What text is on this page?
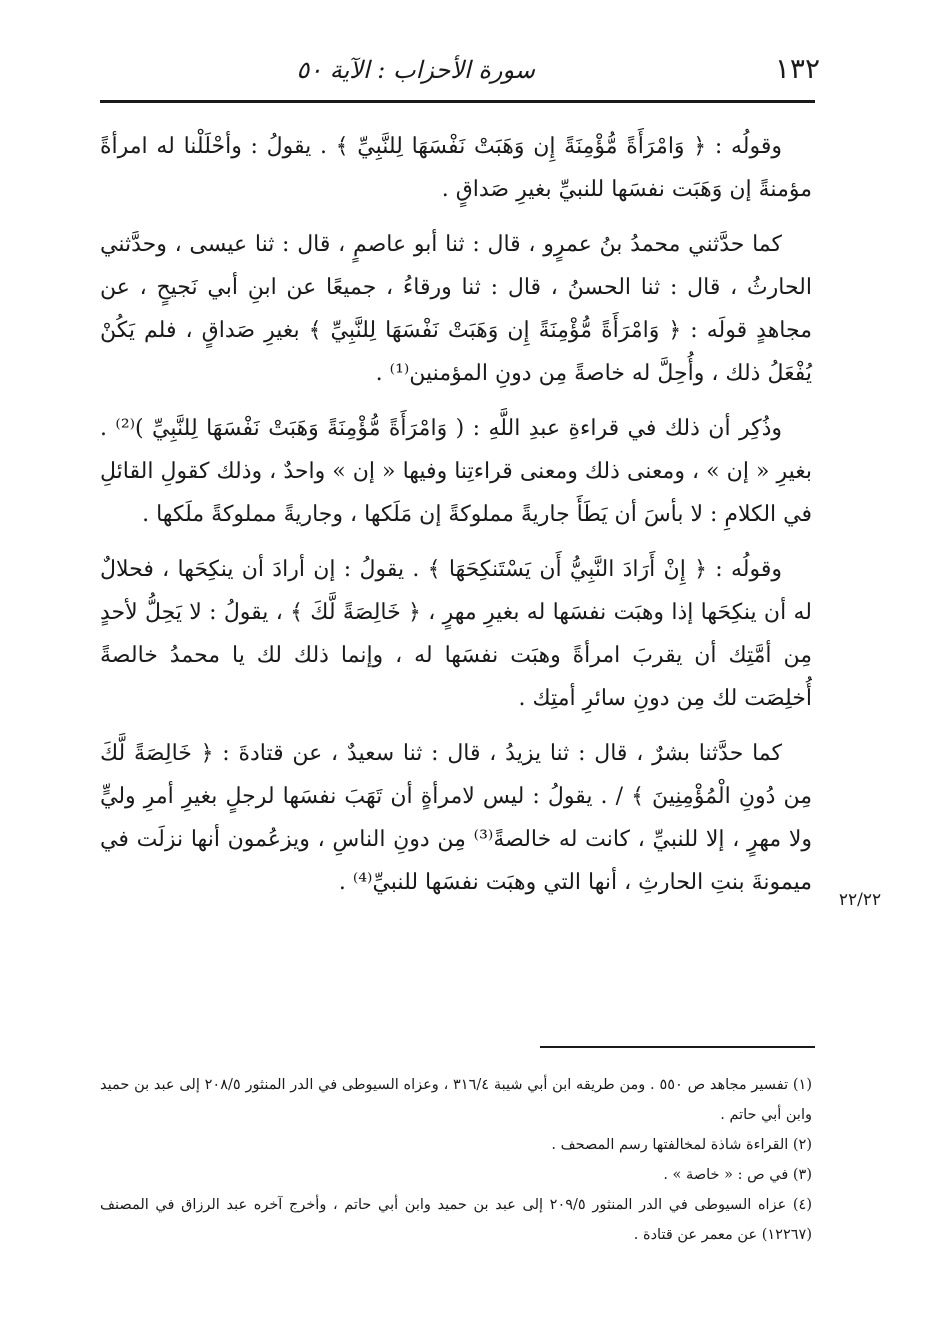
١٣٢
سورة الأحزاب : الآية ٥٠

وقولُه : ﴿ وَامْرَأَةً مُّؤْمِنَةً إِن وَهَبَتْ نَفْسَهَا لِلنَّبِيِّ ﴾ . يقولُ : وأحْلَلْنا له امرأةً مؤمنةً إن وَهَبَت نفسَها للنبيِّ بغيرِ صَداقٍ .

كما حدَّثني محمدُ بنُ عمرٍو ، قال : ثنا أبو عاصمٍ ، قال : ثنا عيسى ، وحدَّثني الحارثُ ، قال : ثنا الحسنُ ، قال : ثنا ورقاءُ ، جميعًا عن ابنِ أبي نَجيحٍ ، عن مجاهدٍ قولَه : ﴿ وَامْرَأَةً مُّؤْمِنَةً إِن وَهَبَتْ نَفْسَهَا لِلنَّبِيِّ ﴾ بغيرِ صَداقٍ ، فلم يَكُنْ يُفْعَلُ ذلك ، وأُحِلَّ له خاصةً مِن دونِ المؤمنين⁽¹⁾ .

وذُكِر أن ذلك في قراءةِ عبدِ اللَّهِ : ( وَامْرَأَةً مُّؤْمِنَةً وَهَبَتْ نَفْسَهَا لِلنَّبِيِّ )⁽²⁾ . بغيرِ « إن » ، ومعنى ذلك ومعنى قراءتِنا وفيها « إن » واحدٌ ، وذلك كقولِ القائلِ في الكلامِ : لا بأسَ أن يَطَأَ جاريةً مملوكةً إن مَلَكها ، وجاريةً مملوكةً ملَكها .

وقولُه : ﴿ إِنْ أَرَادَ النَّبِيُّ أَن يَسْتَنكِحَهَا ﴾ . يقولُ : إن أرادَ أن ينكِحَها ، فحلالٌ له أن ينكِحَها إذا وهبَت نفسَها له بغيرِ مهرٍ ، ﴿ خَالِصَةً لَّكَ ﴾ ، يقولُ : لا يَحِلُّ لأحدٍ مِن أمَّتِك أن يقربَ امرأةً وهبَت نفسَها له ، وإنما ذلك لك يا محمدُ خالصةً أُخلِصَت لك مِن دونِ سائرِ أمتِك .

كما حدَّثنا بشرٌ ، قال : ثنا يزيدُ ، قال : ثنا سعيدٌ ، عن قتادةَ : ﴿ خَالِصَةً لَّكَ مِن دُونِ الْمُؤْمِنِينَ ﴾ / . يقولُ : ليس لامرأةٍ أن تَهَبَ نفسَها لرجلٍ بغيرِ أمرِ وليٍّ ولا مهرٍ ، إلا للنبيِّ ، كانت له خالصةً⁽³⁾ مِن دونِ الناسِ ، ويزعُمون أنها نزلَت في ميمونةَ بنتِ الحارثِ ، أنها التي وهبَت نفسَها للنبيِّ⁽⁴⁾ .

٢٢/٢٢

(١) تفسير مجاهد ص ٥٥٠ . ومن طريقه ابن أبي شيبة ٣١٦/٤ ، وعزاه السيوطى في الدر المنثور ٢٠٨/٥ إلى عبد بن حميد وابن أبي حاتم .

(٢) القراءة شاذة لمخالفتها رسم المصحف .

(٣) في ص : « خاصة » .

(٤) عزاه السيوطى في الدر المنثور ٢٠٩/٥ إلى عبد بن حميد وابن أبي حاتم ، وأخرج آخره عبد الرزاق في المصنف (١٢٢٦٧) عن معمر عن قتادة .
